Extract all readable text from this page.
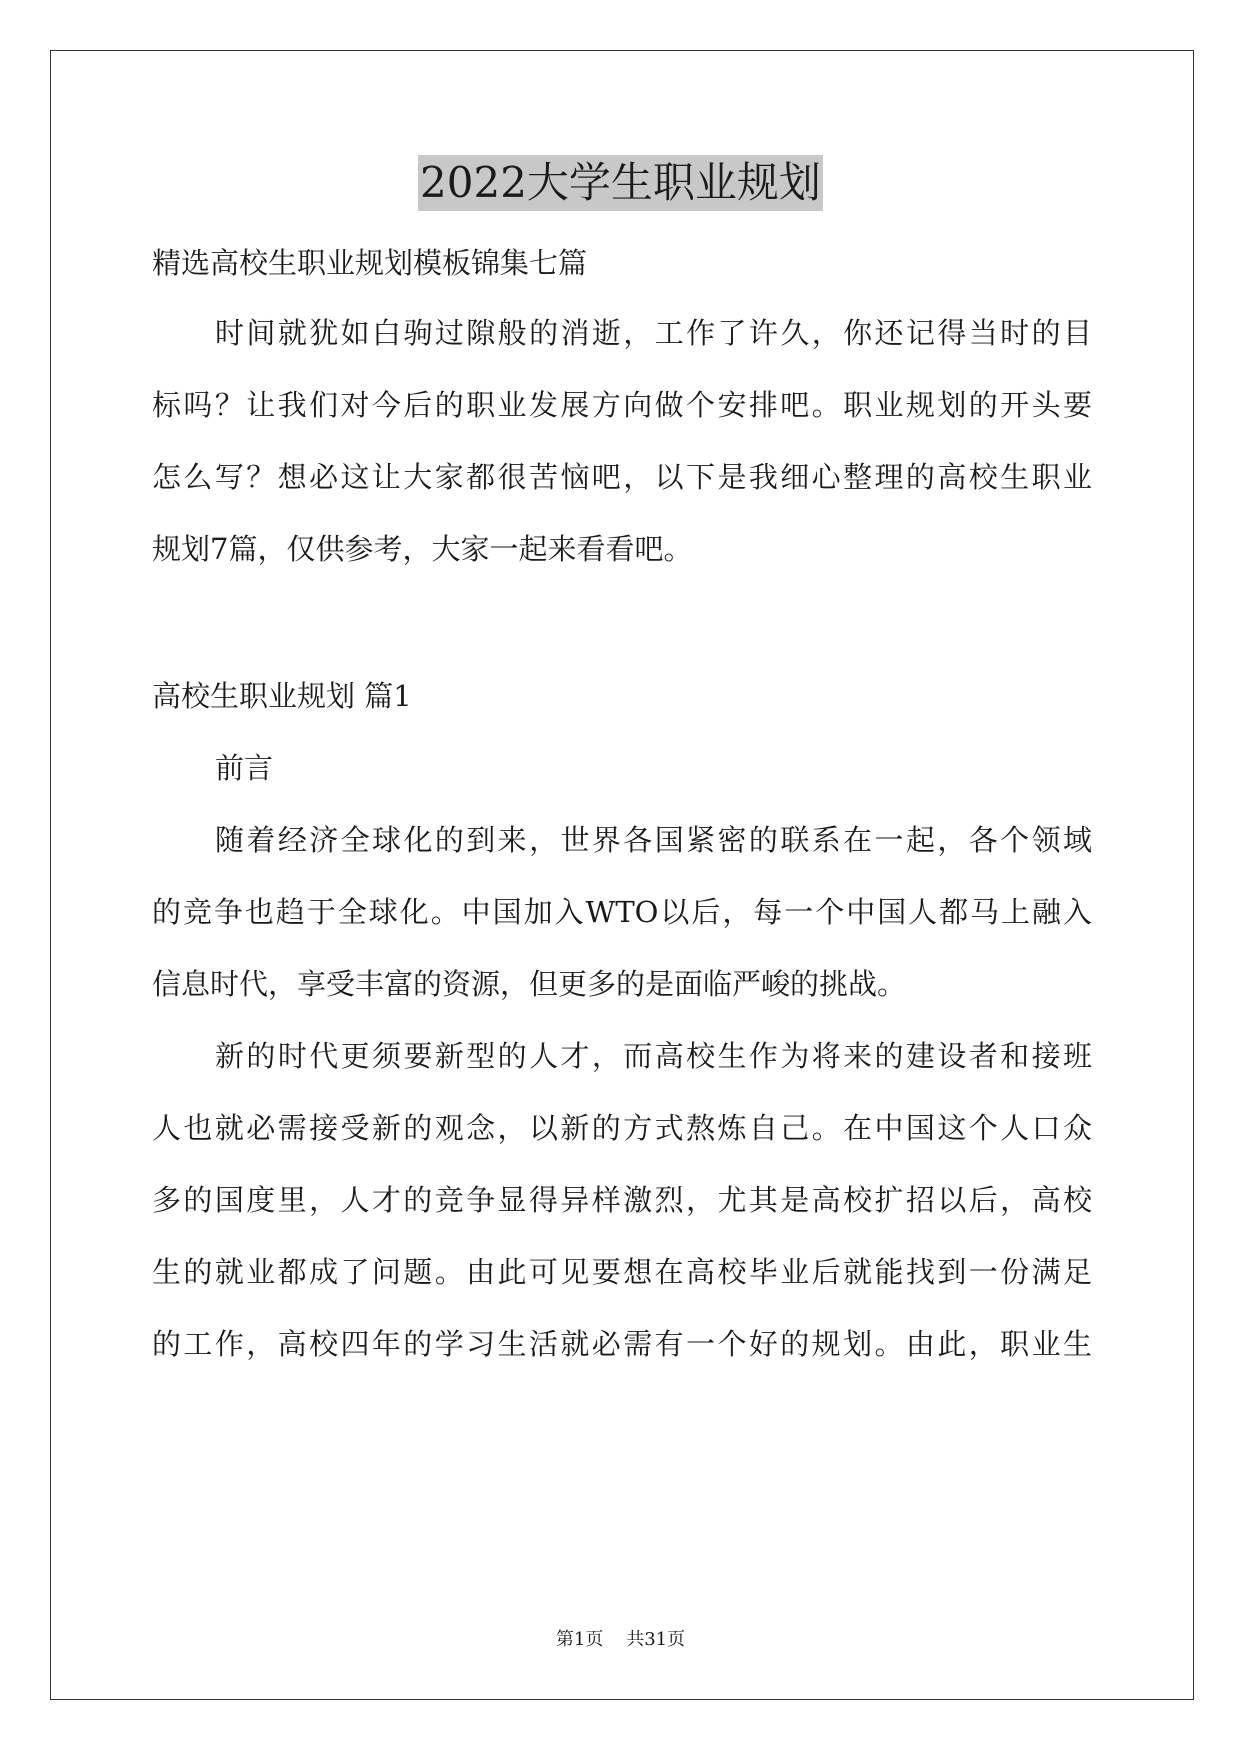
2022大学生职业规划

精选高校生职业规划模板锦集七篇

时间就犹如白驹过隙般的消逝，工作了许久，你还记得当时的目

标吗？让我们对今后的职业发展方向做个安排吧。职业规划的开头要

怎么写？想必这让大家都很苦恼吧，以下是我细心整理的高校生职业

规划7篇，仅供参考，大家一起来看看吧。

高校生职业规划 篇1

前言

随着经济全球化的到来，世界各国紧密的联系在一起，各个领域

的竞争也趋于全球化。中国加入WTO以后，每一个中国人都马上融入

信息时代，享受丰富的资源，但更多的是面临严峻的挑战。

新的时代更须要新型的人才，而高校生作为将来的建设者和接班

人也就必需接受新的观念，以新的方式熬炼自己。在中国这个人口众

多的国度里，人才的竞争显得异样激烈，尤其是高校扩招以后，高校

生的就业都成了问题。由此可见要想在高校毕业后就能找到一份满足

的工作，高校四年的学习生活就必需有一个好的规划。由此，职业生

第1页 共31页
